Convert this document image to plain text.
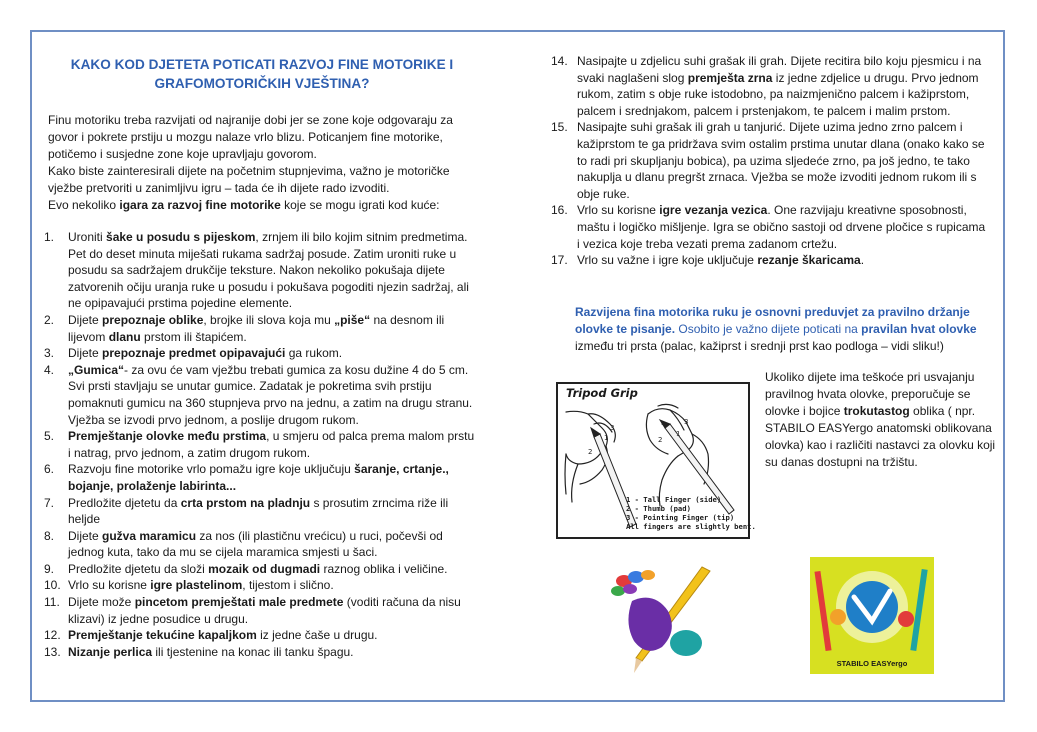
KAKO KOD DJETETA POTICATI RAZVOJ FINE MOTORIKE I GRAFOMOTORIČKIH VJEŠTINA?

Finu motoriku treba razvijati od najranije dobi jer se zone koje odgovaraju za govor i pokrete prstiju u mozgu nalaze vrlo blizu. Poticanjem fine motorike, potičemo i susjedne zone koje upravljaju govorom.

Kako biste zainteresirali dijete na početnim stupnjevima, važno je motoričke vježbe pretvoriti u zanimljivu igru – tada će ih dijete rado izvoditi.

Evo nekoliko igara za razvoj fine motorike koje se mogu igrati kod kuće:

1. Uroniti šake u posudu s pijeskom, zrnjem ili bilo kojim sitnim predmetima. Pet do deset minuta miješati rukama sadržaj posude. Zatim uroniti ruke u posudu sa sadržajem drukčije teksture. Nakon nekoliko pokušaja dijete zatvorenih očiju uranja ruke u posudu i pokušava pogoditi njezin sadržaj, ali ne opipavajući prstima pojedine elemente.
2. Dijete prepoznaje oblike, brojke ili slova koja mu „piše“ na desnom ili lijevom dlanu prstom ili štapićem.
3. Dijete prepoznaje predmet opipavajući ga rukom.
4. „Gumica“- za ovu će vam vježbu trebati gumica za kosu dužine 4 do 5 cm. Svi prsti stavljaju se unutar gumice. Zadatak je pokretima svih prstiju pomaknuti gumicu na 360 stupnjeva prvo na jednu, a zatim na drugu stranu. Vježba se izvodi prvo jednom, a poslije drugom rukom.
5. Premještanje olovke među prstima, u smjeru od palca prema malom prstu i natrag, prvo jednom, a zatim drugom rukom.
6. Razvoju fine motorike vrlo pomažu igre koje uključuju šaranje, crtanje., bojanje, prolaženje labirinta...
7. Predložite djetetu da crta prstom na pladnju s prosutim zrncima riže ili heljde
8. Dijete gužva maramicu za nos (ili plastičnu vrećicu) u ruci, počevši od jednog kuta, tako da mu se cijela maramica smjesti u šaci.
9. Predložite djetetu da složi mozaik od dugmadi raznog oblika i veličine.
10. Vrlo su korisne igre plastelinom, tijestom i slično.
11. Dijete može pincetom premještati male predmete (voditi računa da nisu klizavi) iz jedne posudice u drugu.
12. Premještanje tekućine kapaljkom iz jedne čaše u drugu.
13. Nizanje perlica ili tjestenine na konac ili tanku špagu.
14. Nasipajte u zdjelicu suhi grašak ili grah. Dijete recitira bilo koju pjesmicu i na svaki naglašeni slog premješta zrna iz jedne zdjelice u drugu. Prvo jednom rukom, zatim s obje ruke istodobno, pa naizmjenično palcem i kažiprstom, palcem i srednjakom, palcem i prstenjakom, te palcem i malim prstom.
15. Nasipajte suhi grašak ili grah u tanjurić. Dijete uzima jedno zrno palcem i kažiprstom te ga pridržava svim ostalim prstima unutar dlana (onako kako se to radi pri skupljanju bobica), pa uzima sljedeće zrno, pa još jedno, te tako nakuplja u dlanu pregršt zrnaca. Vježba se može izvoditi jednom rukom ili s obje ruke.
16. Vrlo su korisne igre vezanja vezica. One razvijaju kreativne sposobnosti, maštu i logičko mišljenje. Igra se obično sastoji od drvene pločice s rupicama i vezica koje treba vezati prema zadanom crtežu.
17. Vrlo su važne i igre koje uključuje rezanje škaricama.
Razvijena fina motorika ruku je osnovni preduvjet za pravilno držanje olovke te pisanje. Osobito je važno dijete poticati na pravilan hvat olovke između tri prsta (palac, kažiprst i srednji prst kao podloga – vidi sliku!)
1
2
3
1
2
3
Tripod Grip
1 - Tall Finger (side)
2 - Thumb (pad)
3 - Pointing Finger (tip)
All fingers are slightly bent.
Ukoliko dijete ima teškoće pri usvajanju pravilnog hvata olovke, preporučuje se olovke i bojice trokutastog oblika ( npr. STABILO EASYergo anatomski oblikovana olovka) kao i različiti nastavci za olovku koji su danas dostupni na tržištu.
STABILO EASYergo
